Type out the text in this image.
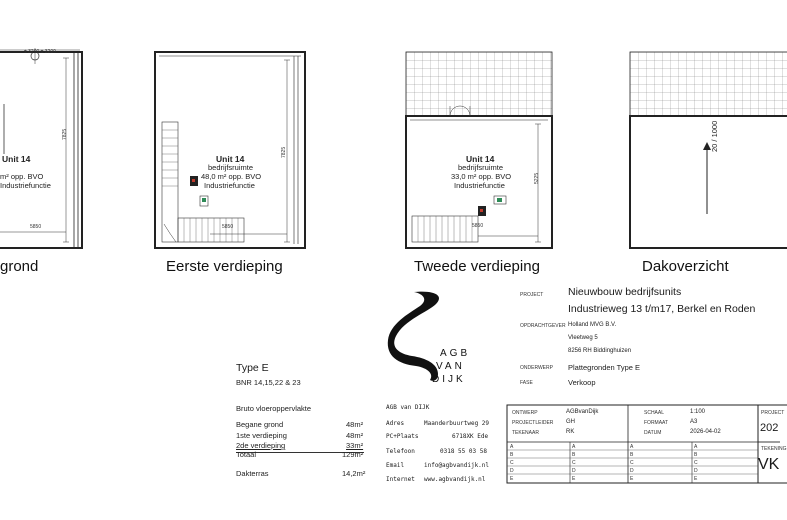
± 3200 ± 3200
7825
5850
Unit 14
m² opp. BVO
Industriefunctie
grond
7825
5850
Unit 14
bedrijfsruimte
48,0 m² opp. BVO
Industriefunctie
Eerste verdieping
5225
5850
Unit 14
bedrijfsruimte
33,0 m² opp. BVO
Industriefunctie
Tweede verdieping
20 / 1000
Dakoverzicht
AGB
VAN
DIJK
PROJECT Nieuwbouw bedrijfsunits
Industrieweg 13 t/m17, Berkel en Roden
OPDRACHTGEVER Holland MVG B.V.
Vleetweg 5
8256 RH Biddinghuizen
ONDERWERP Plattegronden Type E
FASE	Verkoop
Type E
BNR 14,15,22 & 23
Bruto vloeroppervlakte
Begane grond	48m²
1ste verdieping	48m²
2de verdieping	33m²
Totaal	129m²
Dakterras	14,2m²
AGB van DIJK
Adres	Maanderbuurtweg 29
PC+Plaats	6718XK Ede
Telefoon	0318 55 03 58
Email	info@agbvandijk.nl
Internet www.agbvandijk.nl
ONTWERP	AGBvanDijk
PROJECTLEIDER GH
TEKENAAR	RK
SCHAAL	1:100
FORMAAT	A3
DATUM	2026-04-02
PROJECT
202
TEKENING
VK
A
B
C
D
E
A
B
C
D
E
A
B
C
D
E
A
B
C
D
E
